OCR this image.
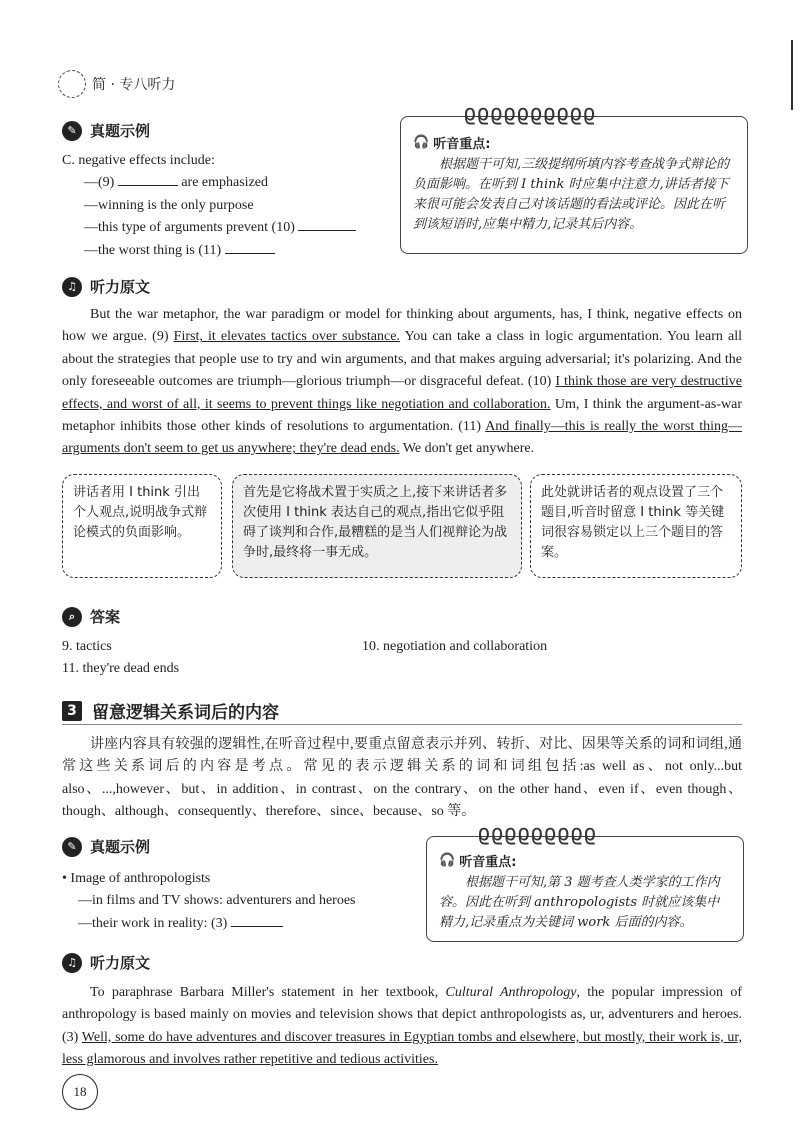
简 · 专八听力
✎ 真题示例
C. negative effects include:
—(9)	are emphasized
—winning is the only purpose
—this type of arguments prevent (10)
—the worst thing is (11)
ϱϱϱϱϱϱϱϱϱϱ
🎧 听音重点:
根据题干可知,三级提纲所填内容考查战争式辩论的负面影响。在听到 I think 时应集中注意力,讲话者接下来很可能会发表自己对该话题的看法或评论。因此在听到该短语时,应集中精力,记录其后内容。
♫ 听力原文
But the war metaphor, the war paradigm or model for thinking about arguments, has, I think, negative effects on how we argue. (9) First, it elevates tactics over substance. You can take a class in logic argumentation. You learn all about the strategies that people use to try and win arguments, and that makes arguing adversarial; it's polarizing. And the only foreseeable outcomes are triumph—glorious triumph—or disgraceful defeat. (10) I think those are very destructive effects, and worst of all, it seems to prevent things like negotiation and collaboration. Um, I think the argument-as-war metaphor inhibits those other kinds of resolutions to argumentation. (11) And finally—this is really the worst thing—arguments don't seem to get us anywhere; they're dead ends. We don't get anywhere.
讲话者用 I think 引出个人观点,说明战争式辩论模式的负面影响。
首先是它将战术置于实质之上,接下来讲话者多次使用 I think 表达自己的观点,指出它似乎阻碍了谈判和合作,最糟糕的是当人们视辩论为战争时,最终将一事无成。
此处就讲话者的观点设置了三个题目,听音时留意 I think 等关键词很容易锁定以上三个题目的答案。
⌕ 答案
9. tactics	10. negotiation and collaboration
11. they're dead ends
3 留意逻辑关系词后的内容
讲座内容具有较强的逻辑性,在听音过程中,要重点留意表示并列、转折、对比、因果等关系的词和词组,通常这些关系词后的内容是考点。常见的表示逻辑关系的词和词组包括:as well as、not only...but also、...,however、but、in addition、in contrast、on the contrary、on the other hand、even if、even though、though、although、consequently、therefore、since、because、so 等。
✎ 真题示例
• Image of anthropologists
—in films and TV shows: adventurers and heroes
—their work in reality: (3)
ϱϱϱϱϱϱϱϱϱ
🎧 听音重点:
根据题干可知,第 3 题考查人类学家的工作内容。因此在听到 anthropologists 时就应该集中精力,记录重点为关键词 work 后面的内容。
♫ 听力原文
To paraphrase Barbara Miller's statement in her textbook, Cultural Anthropology, the popular impression of anthropology is based mainly on movies and television shows that depict anthropologists as, ur, adventurers and heroes. (3) Well, some do have adventures and discover treasures in Egyptian tombs and elsewhere, but mostly, their work is, ur, less glamorous and involves rather repetitive and tedious activities.
18
